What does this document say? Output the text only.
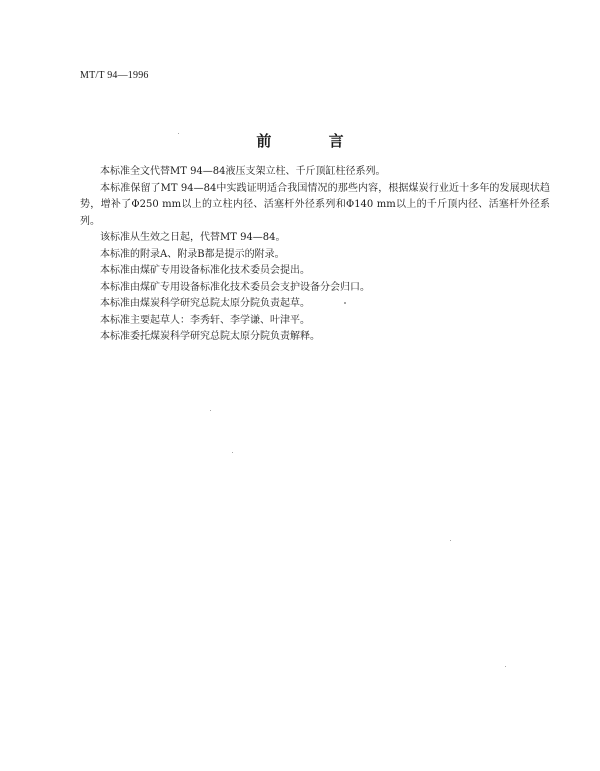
MT/T 94—1996
前 言

本标准全文代替MT 94—84液压支架立柱、千斤顶缸柱径系列。

本标准保留了MT 94—84中实践证明适合我国情况的那些内容，根据煤炭行业近十多年的发展现状趋势，增补了Φ250 mm以上的立柱内径、活塞杆外径系列和Φ140 mm以上的千斤顶内径、活塞杆外径系列。

该标准从生效之日起，代替MT 94—84。

本标准的附录A、附录B都是提示的附录。

本标准由煤矿专用设备标准化技术委员会提出。

本标准由煤矿专用设备标准化技术委员会支护设备分会归口。

本标准由煤炭科学研究总院太原分院负责起草。

本标准主要起草人：李秀轩、李学谦、叶津平。

本标准委托煤炭科学研究总院太原分院负责解释。
